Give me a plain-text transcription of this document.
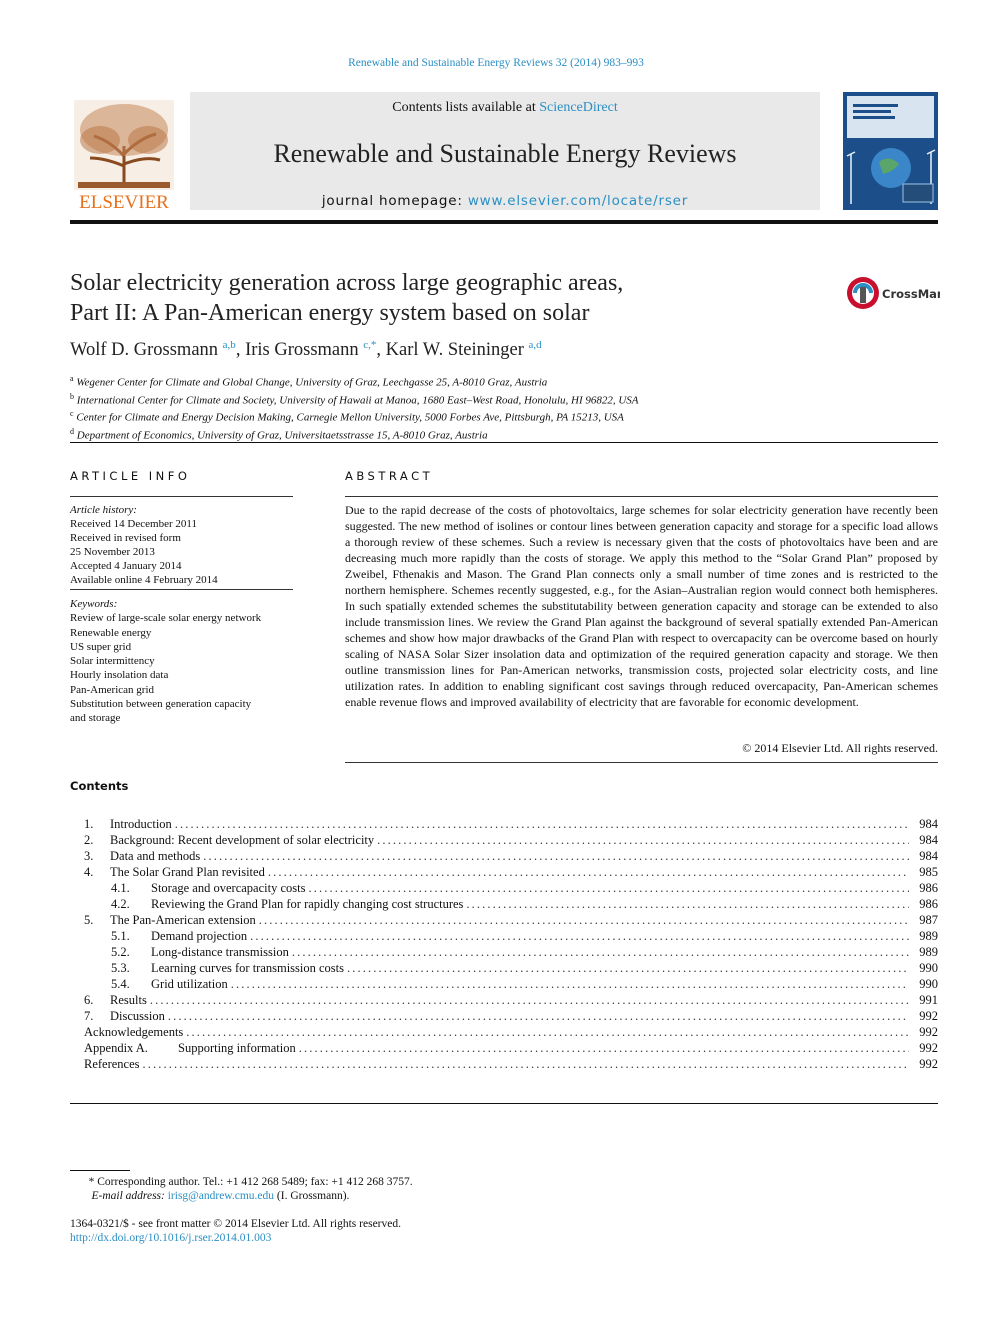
Renewable and Sustainable Energy Reviews 32 (2014) 983–993
ELSEVIER
Contents lists available at ScienceDirect
Renewable and Sustainable Energy Reviews
journal homepage: www.elsevier.com/locate/rser
Solar electricity generation across large geographic areas,
Part II: A Pan-American energy system based on solar
CrossMar
Wolf D. Grossmann $^{a,b}$, Iris Grossmann $^{c,*}$, Karl W. Steininger $^{a,d}$
$^a$ Wegener Center for Climate and Global Change, University of Graz, Leechgasse 25, A-8010 Graz, Austria
$^b$ International Center for Climate and Society, University of Hawaii at Manoa, 1680 East–West Road, Honolulu, HI 96822, USA
$^c$ Center for Climate and Energy Decision Making, Carnegie Mellon University, 5000 Forbes Ave, Pittsburgh, PA 15213, USA
$^d$ Department of Economics, University of Graz, Universitaetsstrasse 15, A-8010 Graz, Austria
ARTICLE INFO
Article history:
Received 14 December 2011
Received in revised form
25 November 2013
Accepted 4 January 2014
Available online 4 February 2014
Keywords:
Review of large-scale solar energy network
Renewable energy
US super grid
Solar intermittency
Hourly insolation data
Pan-American grid
Substitution between generation capacity
and storage
ABSTRACT
Due to the rapid decrease of the costs of photovoltaics, large schemes for solar electricity generation have recently been suggested. The new method of isolines or contour lines between generation capacity and storage for a specific load allows a thorough review of these schemes. Such a review is necessary given that the costs of photovoltaics have been and are decreasing much more rapidly than the costs of storage. We apply this method to the “Solar Grand Plan” proposed by Zweibel, Fthenakis and Mason. The Grand Plan connects only a small number of time zones and is restricted to the northern hemisphere. Schemes recently suggested, e.g., for the Asian–Australian region would connect both hemispheres. In such spatially extended schemes the substitutability between generation capacity and storage can be extended to also include transmission lines. We review the Grand Plan against the background of several spatially extended Pan-American schemes and show how major drawbacks of the Grand Plan with respect to overcapacity can be overcome based on hourly scaling of NASA Solar Sizer insolation data and optimization of the required generation capacity and storage. We then outline transmission lines for Pan-American networks, transmission costs, projected solar electricity costs, and line utilization rates. In addition to enabling significant cost savings through reduced overcapacity, Pan-American schemes enable revenue flows and improved availability of electricity that are favorable for economic development.
© 2014 Elsevier Ltd. All rights reserved.
Contents
1.	Introduction . . .	984
2.	Background: Recent development of solar electricity . . .	984
3.	Data and methods . . .	984
4.	The Solar Grand Plan revisited . . .	985
4.1.	Storage and overcapacity costs . . .	986
4.2.	Reviewing the Grand Plan for rapidly changing cost structures . . .	986
5.	The Pan-American extension . . .	987
5.1.	Demand projection . . .	989
5.2.	Long-distance transmission . . .	989
5.3.	Learning curves for transmission costs . . .	990
5.4.	Grid utilization . . .	990
6.	Results . . .	991
7.	Discussion . . .	992
Acknowledgements . . .	992
Appendix A.	Supporting information . . .	992
References . . .	992
* Corresponding author. Tel.: +1 412 268 5489; fax: +1 412 268 3757.
E-mail address: irisg@andrew.cmu.edu (I. Grossmann).
1364-0321/$ - see front matter © 2014 Elsevier Ltd. All rights reserved.
http://dx.doi.org/10.1016/j.rser.2014.01.003
